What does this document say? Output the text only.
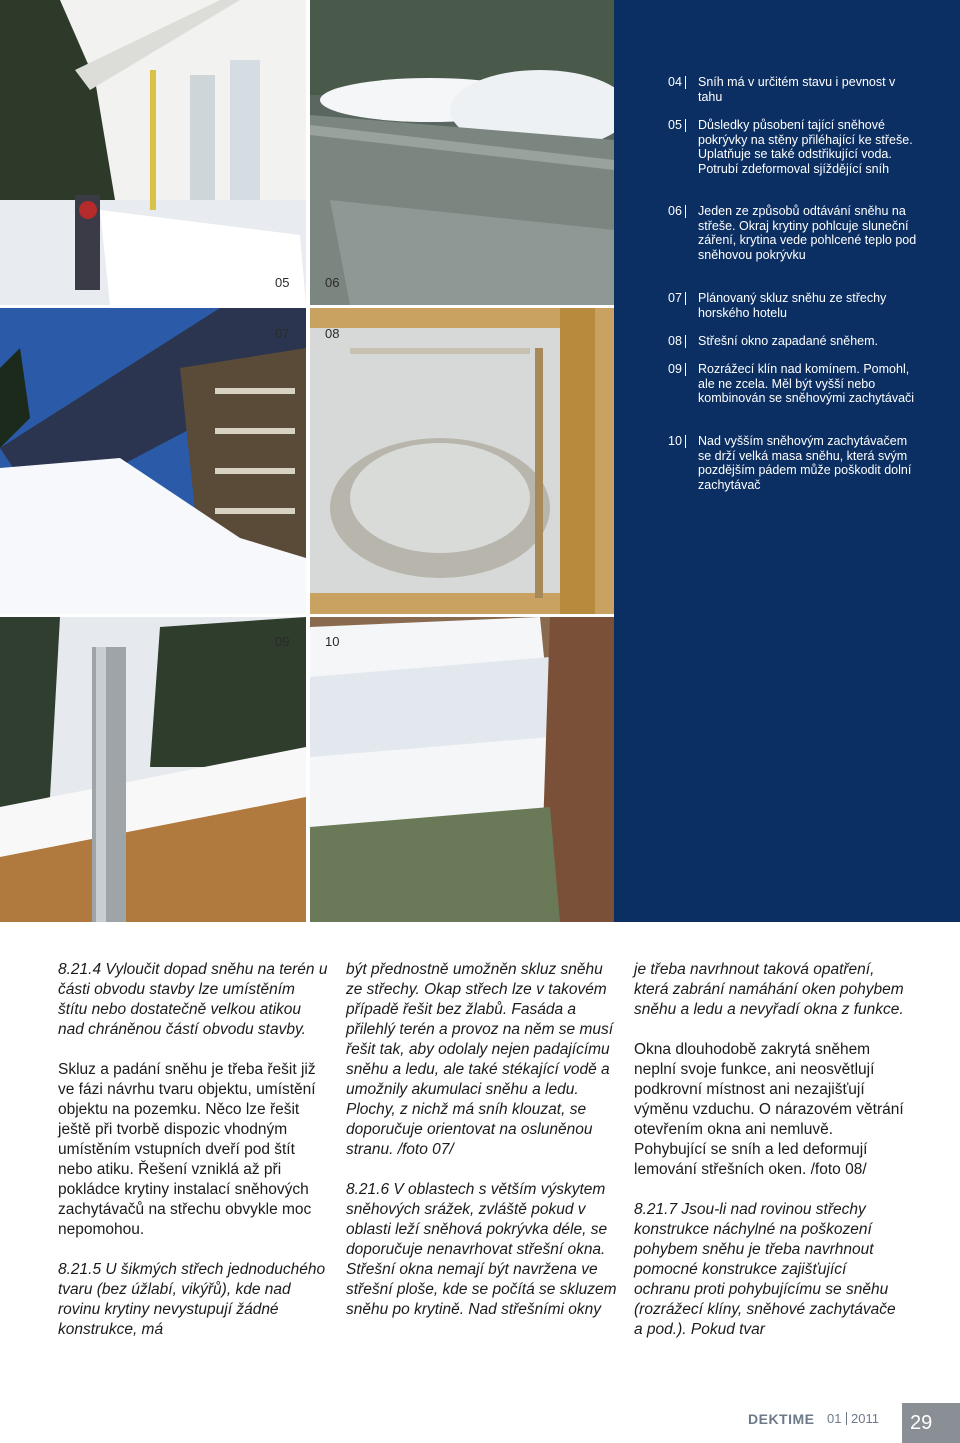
05	06
07	08
09	10
04	Sníh má v určitém stavu i pevnost v tahu
05	Důsledky působení tající sněhové pokrývky na stěny přiléhající ke střeše. Uplatňuje se také odstřikující voda. Potrubí zdeformoval sjíždějící sníh
06	Jeden ze způsobů odtávání sněhu na střeše. Okraj krytiny pohlcuje sluneční záření, krytina vede pohlcené teplo pod sněhovou pokrývku
07	Plánovaný skluz sněhu ze střechy horského hotelu
08	Střešní okno zapadané sněhem.
09	Rozrážecí klín nad komínem. Pomohl, ale ne zcela. Měl být vyšší nebo kombinován se sněhovými zachytávači
10	Nad vyšším sněhovým zachytávačem se drží velká masa sněhu, která svým pozdějším pádem může poškodit dolní zachytávač

8.21.4 Vyloučit dopad sněhu na terén u části obvodu stavby lze umístěním štítu nebo dostatečně velkou atikou nad chráněnou částí obvodu stavby.

Skluz a padání sněhu je třeba řešit již ve fázi návrhu tvaru objektu, umístění objektu na pozemku. Něco lze řešit ještě při tvorbě dispozic vhodným umístěním vstupních dveří pod štít nebo atiku. Řešení vzniklá až při pokládce krytiny instalací sněhových zachytávačů na střechu obvykle moc nepomohou.

8.21.5 U šikmých střech jednoduchého tvaru (bez úžlabí, vikýřů), kde nad rovinu krytiny nevystupují žádné konstrukce, má

být přednostně umožněn skluz sněhu ze střechy. Okap střech lze v takovém případě řešit bez žlabů. Fasáda a přilehlý terén a provoz na něm se musí řešit tak, aby odolaly nejen padajícímu sněhu a ledu, ale také stékající vodě a umožnily akumulaci sněhu a ledu. Plochy, z nichž má sníh klouzat, se doporučuje orientovat na osluněnou stranu. /foto 07/

8.21.6 V oblastech s větším výskytem sněhových srážek, zvláště pokud v oblasti leží sněhová pokrývka déle, se doporučuje nenavrhovat střešní okna. Střešní okna nemají být navržena ve střešní ploše, kde se počítá se skluzem sněhu po krytině. Nad střešními okny

je třeba navrhnout taková opatření, která zabrání namáhání oken pohybem sněhu a ledu a nevyřadí okna z funkce.

Okna dlouhodobě zakrytá sněhem neplní svoje funkce, ani neosvětlují podkrovní místnost ani nezajišťují výměnu vzduchu. O nárazovém větrání otevřením okna ani nemluvě. Pohybující se sníh a led deformují lemování střešních oken. /foto 08/

8.21.7 Jsou-li nad rovinou střechy konstrukce náchylné na poškození pohybem sněhu je třeba navrhnout pomocné konstrukce zajišťující ochranu proti pohybujícímu se sněhu (rozrážecí klíny, sněhové zachytávače a pod.). Pokud tvar

DEKTIME 01 2011	29
